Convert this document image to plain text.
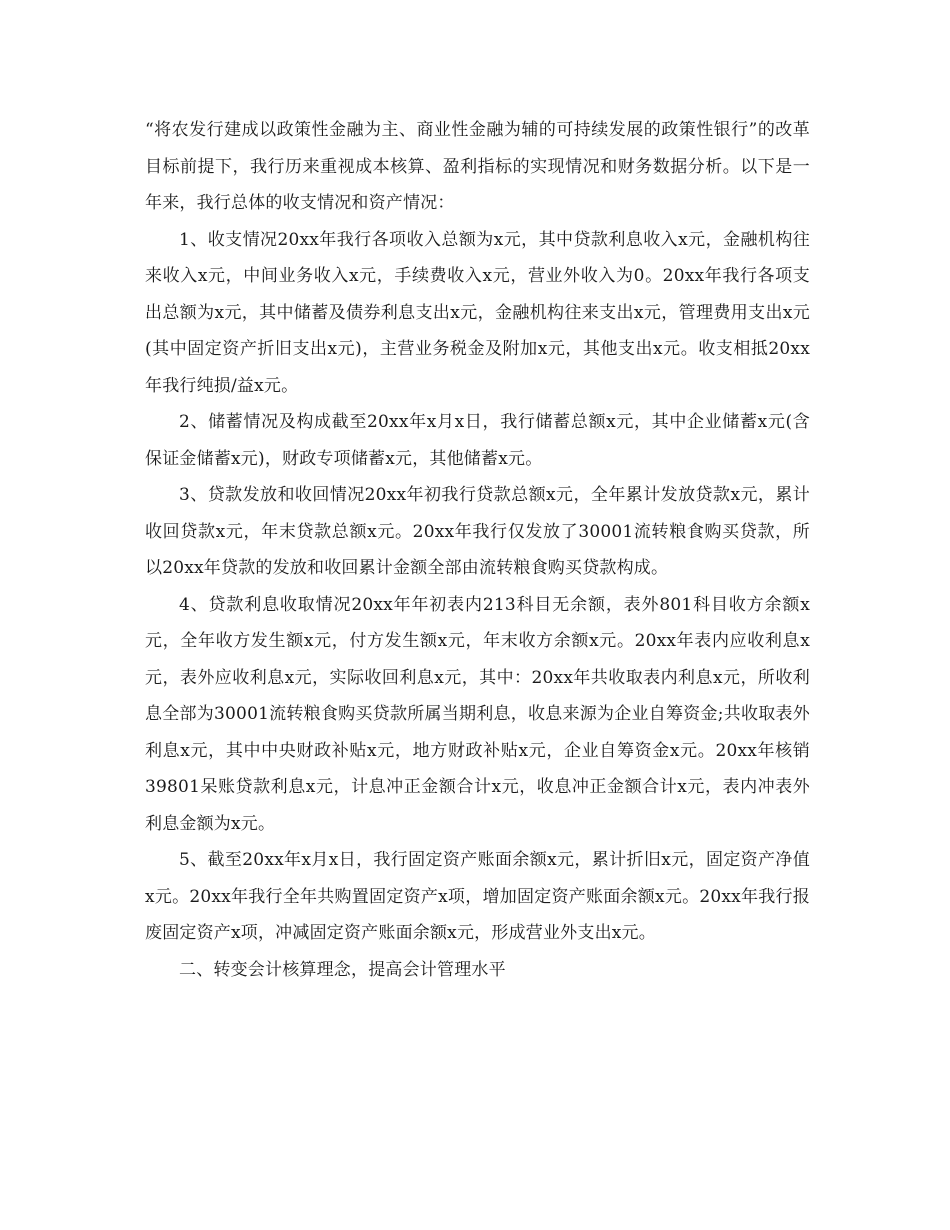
“将农发行建成以政策性金融为主、商业性金融为辅的可持续发展的政策性银行”的改革目标前提下，我行历来重视成本核算、盈利指标的实现情况和财务数据分析。以下是一年来，我行总体的收支情况和资产情况：

1、收支情况20xx年我行各项收入总额为x元，其中贷款利息收入x元，金融机构往来收入x元，中间业务收入x元，手续费收入x元，营业外收入为0。20xx年我行各项支出总额为x元，其中储蓄及债券利息支出x元，金融机构往来支出x元，管理费用支出x元(其中固定资产折旧支出x元)，主营业务税金及附加x元，其他支出x元。收支相抵20xx年我行纯损/益x元。

2、储蓄情况及构成截至20xx年x月x日，我行储蓄总额x元，其中企业储蓄x元(含保证金储蓄x元)，财政专项储蓄x元，其他储蓄x元。

3、贷款发放和收回情况20xx年初我行贷款总额x元，全年累计发放贷款x元，累计收回贷款x元，年末贷款总额x元。20xx年我行仅发放了30001流转粮食购买贷款，所以20xx年贷款的发放和收回累计金额全部由流转粮食购买贷款构成。

4、贷款利息收取情况20xx年年初表内213科目无余额，表外801科目收方余额x元，全年收方发生额x元，付方发生额x元，年末收方余额x元。20xx年表内应收利息x元，表外应收利息x元，实际收回利息x元，其中：20xx年共收取表内利息x元，所收利息全部为30001流转粮食购买贷款所属当期利息，收息来源为企业自筹资金;共收取表外利息x元，其中中央财政补贴x元，地方财政补贴x元，企业自筹资金x元。20xx年核销39801呆账贷款利息x元，计息冲正金额合计x元，收息冲正金额合计x元，表内冲表外利息金额为x元。

5、截至20xx年x月x日，我行固定资产账面余额x元，累计折旧x元，固定资产净值x元。20xx年我行全年共购置固定资产x项，增加固定资产账面余额x元。20xx年我行报废固定资产x项，冲减固定资产账面余额x元，形成营业外支出x元。

二、转变会计核算理念，提高会计管理水平
